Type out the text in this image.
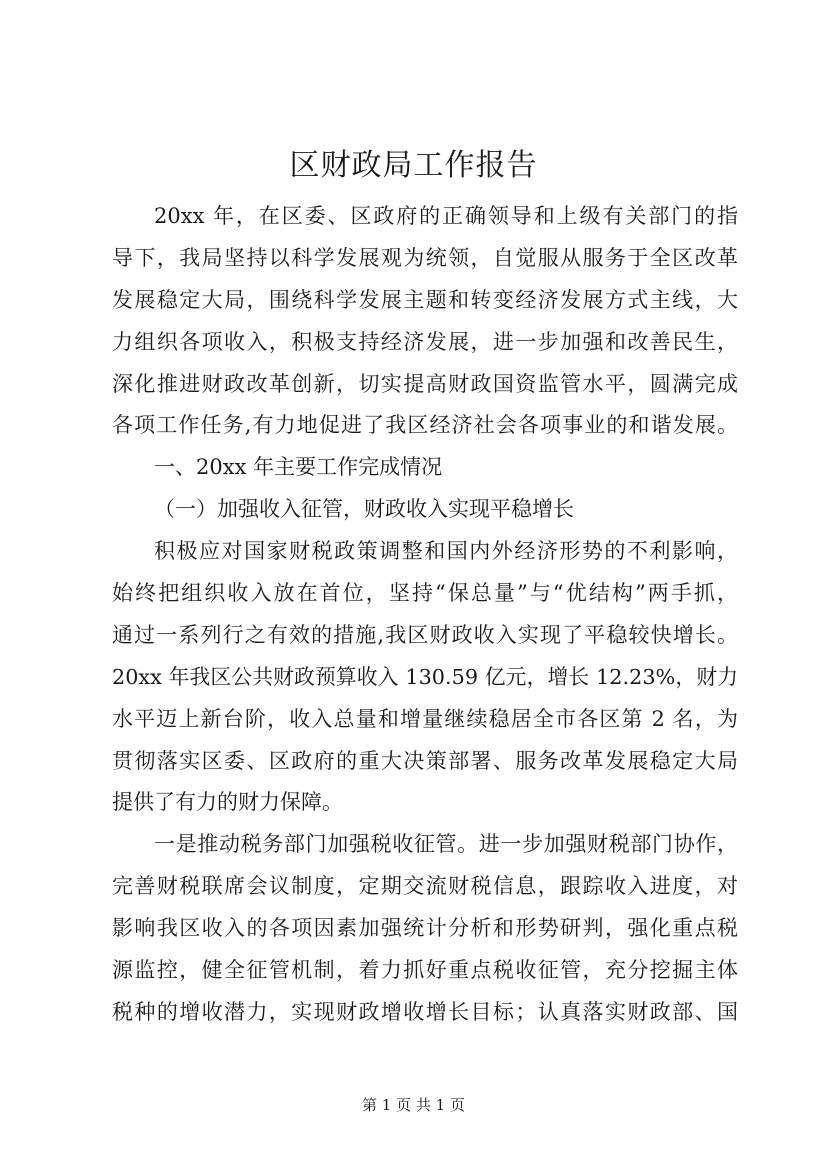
区财政局工作报告

20xx 年，在区委、区政府的正确领导和上级有关部门的指

导下，我局坚持以科学发展观为统领，自觉服从服务于全区改革

发展稳定大局，围绕科学发展主题和转变经济发展方式主线，大

力组织各项收入，积极支持经济发展，进一步加强和改善民生，

深化推进财政改革创新，切实提高财政国资监管水平，圆满完成

各项工作任务,有力地促进了我区经济社会各项事业的和谐发展。

一、20xx 年主要工作完成情况

（一）加强收入征管，财政收入实现平稳增长

积极应对国家财税政策调整和国内外经济形势的不利影响，

始终把组织收入放在首位，坚持“保总量”与“优结构”两手抓，

通过一系列行之有效的措施,我区财政收入实现了平稳较快增长。

20xx 年我区公共财政预算收入 130.59 亿元，增长 12.23%，财力

水平迈上新台阶，收入总量和增量继续稳居全市各区第 2 名，为

贯彻落实区委、区政府的重大决策部署、服务改革发展稳定大局

提供了有力的财力保障。

一是推动税务部门加强税收征管。进一步加强财税部门协作，

完善财税联席会议制度，定期交流财税信息，跟踪收入进度，对

影响我区收入的各项因素加强统计分析和形势研判，强化重点税

源监控，健全征管机制，着力抓好重点税收征管，充分挖掘主体

税种的增收潜力，实现财政增收增长目标；认真落实财政部、国

第 1 页 共 1 页
